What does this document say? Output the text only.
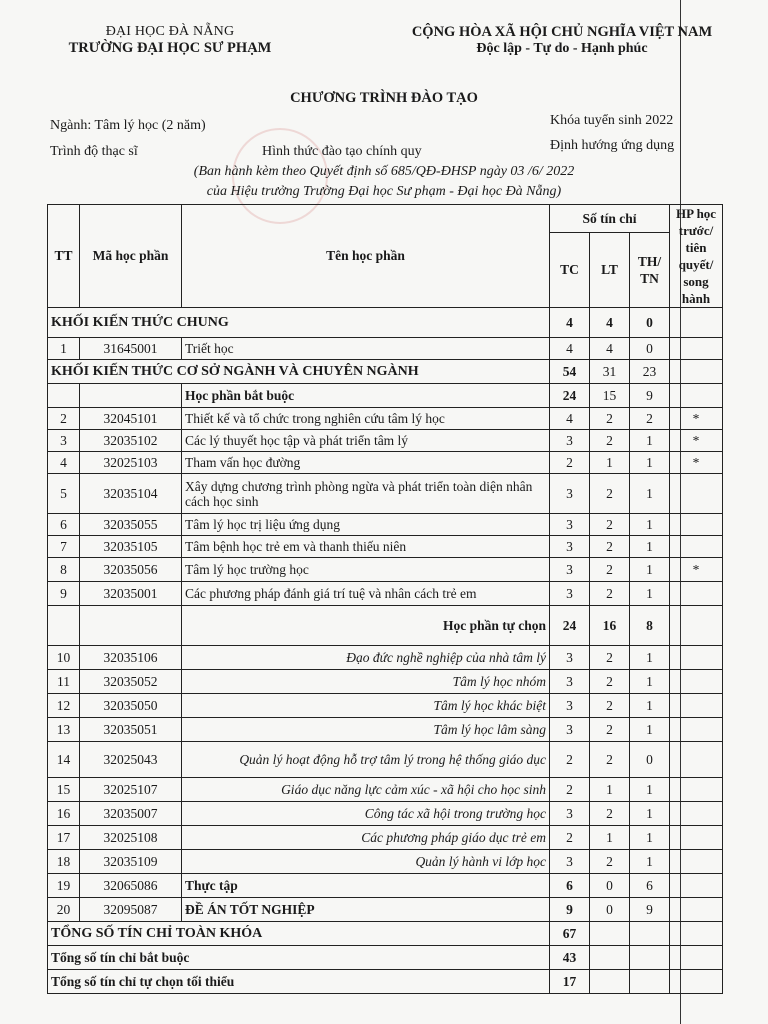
ĐẠI HỌC ĐÀ NẴNG
TRƯỜNG ĐẠI HỌC SƯ PHẠM
CỘNG HÒA XÃ HỘI CHỦ NGHĨA VIỆT NAM
Độc lập - Tự do - Hạnh phúc
CHƯƠNG TRÌNH ĐÀO TẠO
Ngành: Tâm lý học (2 năm)	Khóa tuyển sinh 2022
Trình độ thạc sĩ	Hình thức đào tạo chính quy	Định hướng ứng dụng
(Ban hành kèm theo Quyết định số 685/QĐ-ĐHSP ngày 03 /6/ 2022
của Hiệu trưởng Trường Đại học Sư phạm - Đại học Đà Nẵng)
TT	Mã học phần	Tên học phần	Số tín chỉ			HP học trước/ tiên quyết/ song hành
			TC	LT	TH/ TN	
KHỐI KIẾN THỨC CHUNG			4	4	0	
1	31645001	Triết học	4	4	0	
KHỐI KIẾN THỨC CƠ SỞ NGÀNH VÀ CHUYÊN NGÀNH			54	31	23	
		Học phần bắt buộc	24	15	9	
2	32045101	Thiết kế và tổ chức trong nghiên cứu tâm lý học	4	2	2	*
3	32035102	Các lý thuyết học tập và phát triển tâm lý	3	2	1	*
4	32025103	Tham vấn học đường	2	1	1	*
5	32035104	Xây dựng chương trình phòng ngừa và phát triển toàn diện nhân cách học sinh	3	2	1	
6	32035055	Tâm lý học trị liệu ứng dụng	3	2	1	
7	32035105	Tâm bệnh học trẻ em và thanh thiếu niên	3	2	1	
8	32035056	Tâm lý học trường học	3	2	1	*
9	32035001	Các phương pháp đánh giá trí tuệ và nhân cách trẻ em	3	2	1	
		Học phần tự chọn	24	16	8	
10	32035106	Đạo đức nghề nghiệp của nhà tâm lý	3	2	1	
11	32035052	Tâm lý học nhóm	3	2	1	
12	32035050	Tâm lý học khác biệt	3	2	1	
13	32035051	Tâm lý học lâm sàng	3	2	1	
14	32025043	Quản lý hoạt động hỗ trợ tâm lý trong hệ thống giáo dục	2	2	0	
15	32025107	Giáo dục năng lực cảm xúc - xã hội cho học sinh	2	1	1	
16	32035007	Công tác xã hội trong trường học	3	2	1	
17	32025108	Các phương pháp giáo dục trẻ em	2	1	1	
18	32035109	Quản lý hành vi lớp học	3	2	1	
19	32065086	Thực tập	6	0	6	
20	32095087	ĐỀ ÁN TỐT NGHIỆP	9	0	9	
TỔNG SỐ TÍN CHỈ TOÀN KHÓA			67			
Tổng số tín chỉ bắt buộc			43			
Tổng số tín chỉ tự chọn tối thiểu			17			
